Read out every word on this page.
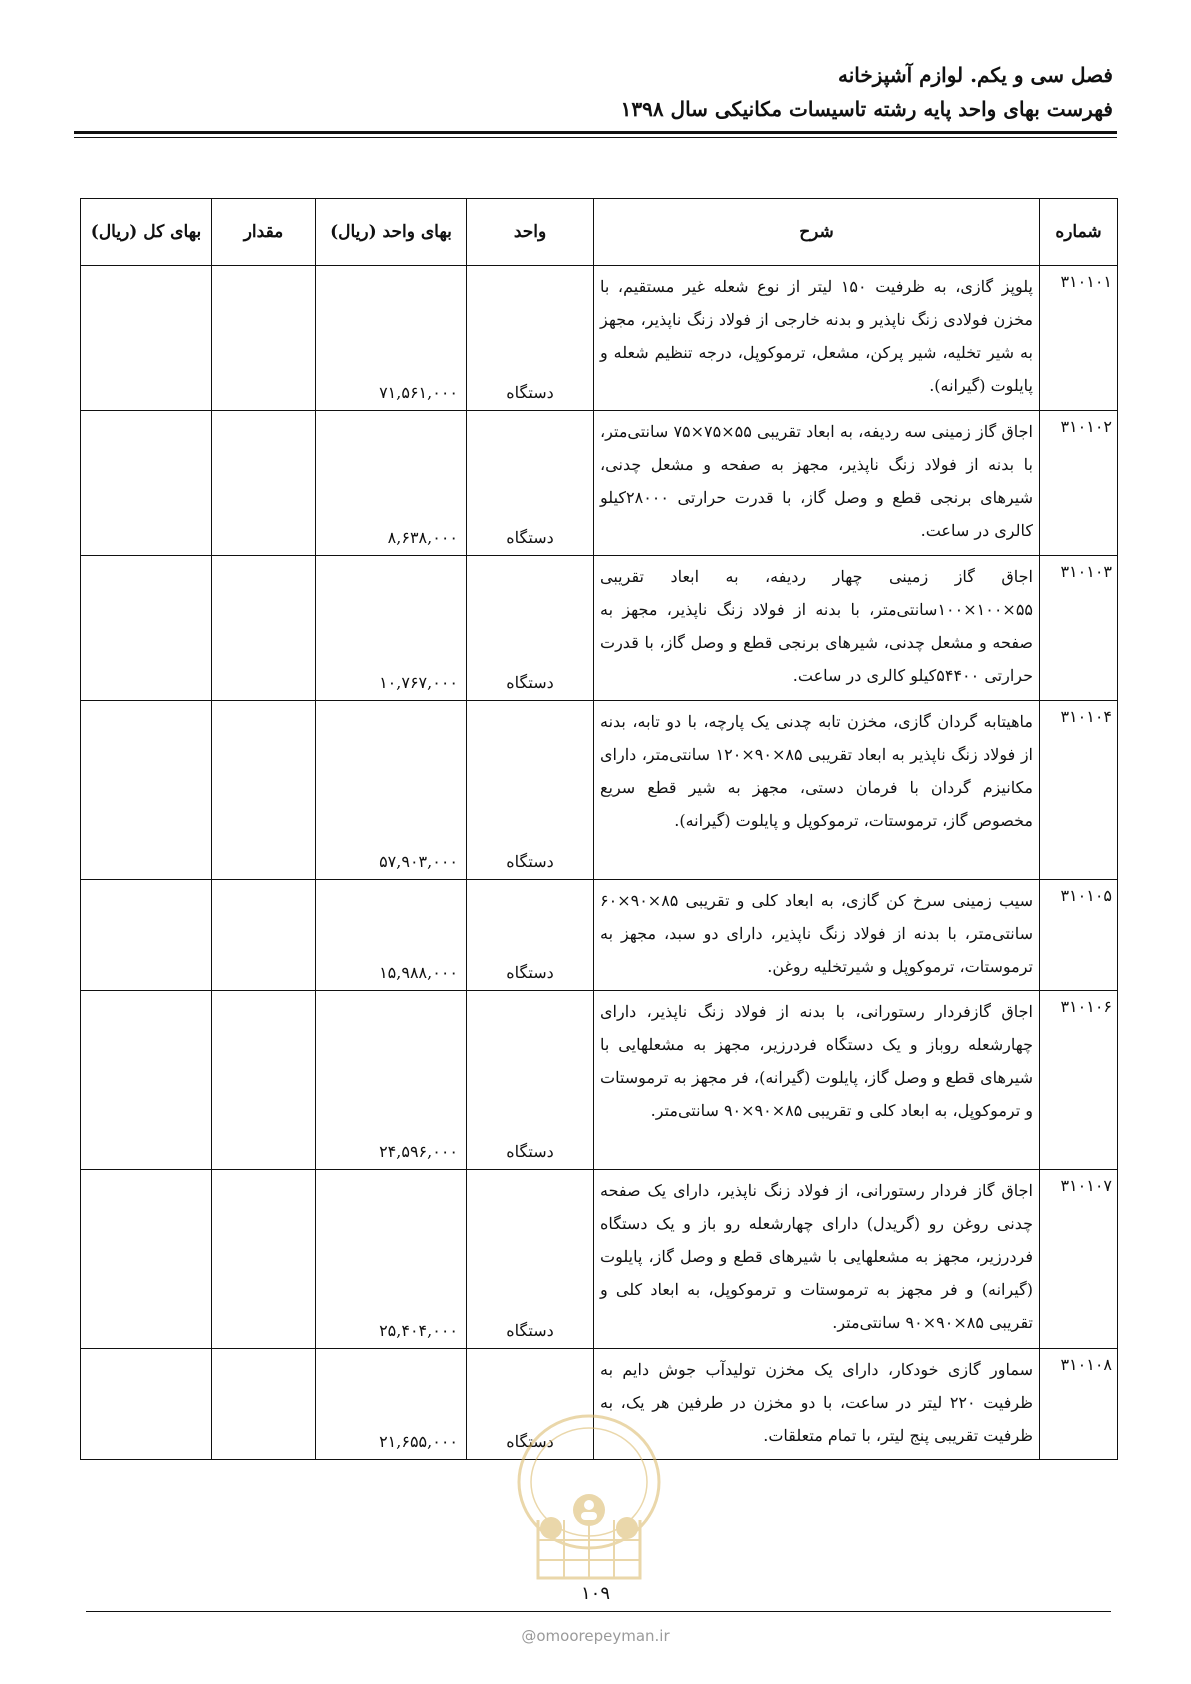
فصل سی و یکم. لوازم آشپزخانه
فهرست بهای واحد پایه رشته تاسیسات مکانیکی سال ۱۳۹۸
شماره	شرح	واحد	بهای واحد (ریال)	مقدار	بهای کل (ریال)
۳۱۰۱۰۱	پلوپز گازی، به ظرفیت ۱۵۰ لیتر از نوع شعله غیر مستقیم، با مخزن فولادی زنگ ناپذیر و بدنه خارجی از فولاد زنگ ناپذیر، مجهز به شیر تخلیه، شیر پرکن، مشعل، ترموکوپل، درجه تنظیم شعله و پایلوت (گیرانه).	دستگاه	۷۱,۵۶۱,۰۰۰		
۳۱۰۱۰۲	اجاق گاز زمینی سه ردیفه، به ابعاد تقریبی ۵۵×۷۵×۷۵ سانتی‌متر، با بدنه از فولاد زنگ ناپذیر، مجهز به صفحه و مشعل چدنی، شیرهای برنجی قطع و وصل گاز، با قدرت حرارتی ۲۸۰۰۰کیلو کالری در ساعت.	دستگاه	۸,۶۳۸,۰۰۰		
۳۱۰۱۰۳	اجاق گاز زمینی چهار ردیفه، به ابعاد تقریبی ۵۵×۱۰۰×۱۰۰سانتی‌متر، با بدنه از فولاد زنگ ناپذیر، مجهز به صفحه و مشعل چدنی، شیرهای برنجی قطع و وصل گاز، با قدرت حرارتی ۵۴۴۰۰کیلو کالری در ساعت.	دستگاه	۱۰,۷۶۷,۰۰۰		
۳۱۰۱۰۴	ماهیتابه گردان گازی، مخزن تابه چدنی یک پارچه، با دو تابه، بدنه از فولاد زنگ ناپذیر به ابعاد تقریبی ۸۵×۹۰×۱۲۰ سانتی‌متر، دارای مکانیزم گردان با فرمان دستی، مجهز به شیر قطع سریع مخصوص گاز، ترموستات، ترموکوپل و پایلوت (گیرانه).	دستگاه	۵۷,۹۰۳,۰۰۰		
۳۱۰۱۰۵	سیب زمینی سرخ کن گازی، به ابعاد کلی و تقریبی ۸۵×۹۰×۶۰ سانتی‌متر، با بدنه از فولاد زنگ ناپذیر، دارای دو سبد، مجهز به ترموستات، ترموکوپل و شیرتخلیه روغن.	دستگاه	۱۵,۹۸۸,۰۰۰		
۳۱۰۱۰۶	اجاق گازفردار رستورانی، با بدنه از فولاد زنگ ناپذیر، دارای چهارشعله روباز و یک دستگاه فردرزیر، مجهز به مشعلهایی با شیرهای قطع و وصل گاز، پایلوت (گیرانه)، فر مجهز به ترموستات و ترموکوپل، به ابعاد کلی و تقریبی ۸۵×۹۰×۹۰ سانتی‌متر.	دستگاه	۲۴,۵۹۶,۰۰۰		
۳۱۰۱۰۷	اجاق گاز فردار رستورانی، از فولاد زنگ ناپذیر، دارای یک صفحه چدنی روغن رو (گریدل) دارای چهارشعله رو باز و یک دستگاه فردرزیر، مجهز به مشعلهایی با شیرهای قطع و وصل گاز، پایلوت (گیرانه) و فر مجهز به ترموستات و ترموکوپل، به ابعاد کلی و تقریبی ۸۵×۹۰×۹۰ سانتی‌متر.	دستگاه	۲۵,۴۰۴,۰۰۰		
۳۱۰۱۰۸	سماور گازی خودکار، دارای یک مخزن تولیدآب جوش دایم به ظرفیت ۲۲۰ لیتر در ساعت، با دو مخزن در طرفین هر یک، به ظرفیت تقریبی پنج لیتر، با تمام متعلقات.	دستگاه	۲۱,۶۵۵,۰۰۰		
۱۰۹
@omoorepeyman.ir
